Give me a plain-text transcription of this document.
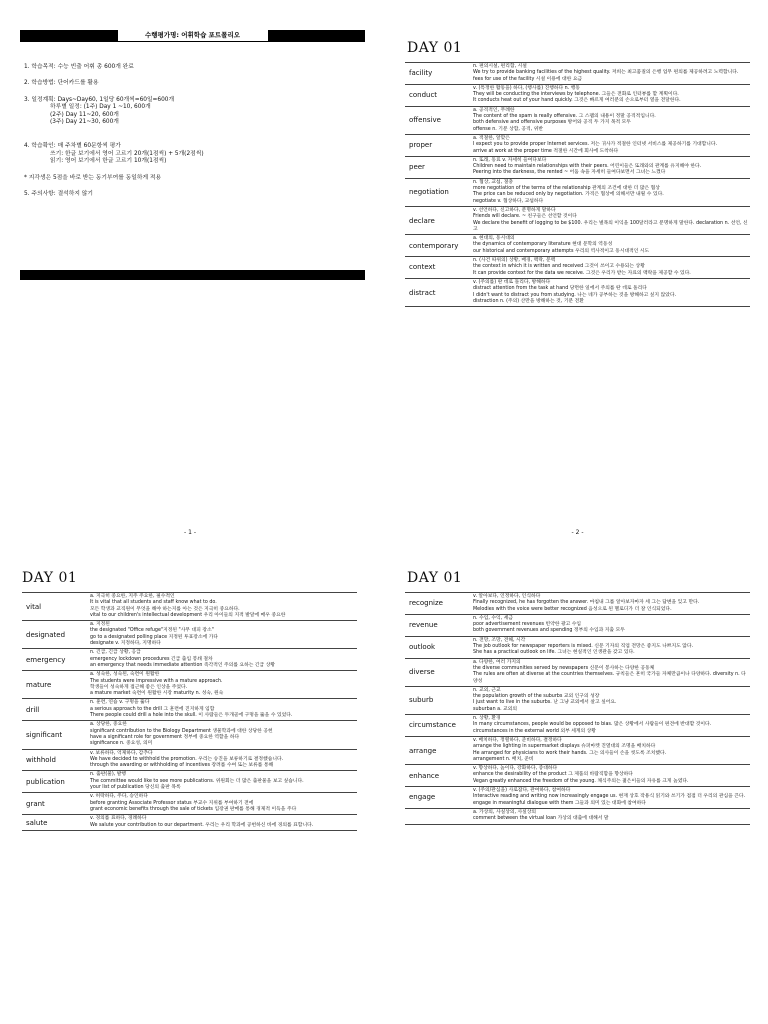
수행평가명: 어휘학습 포트폴리오
1. 학습목적: 수능 빈출 어휘 총 600개 완료
2. 학습방법: 단어카드를 활용
3. 일정계획: Days~Day60, 1일당 60개씩=60일=600개
하루별 일정: (1주) Day 1 ~10, 600개
(2주) Day 11~20, 600개
(3주) Day 21~30, 600개
4. 학습확인: 매 주차별 60문항씩 평가
쓰기: 한글 보기에서 영어 고르기 20개(1점씩) + 5개(2점씩)
읽기: 영어 보기에서 한글 고르기 10개(1점씩)
* 지각생은 5점을 바로 받는 동기부여를 동일하게 적용
5. 주의사항: 결석하지 않기
- 1 -
DAY 01
facility	n. 편의시설, 편리함, 시설
We try to provide banking facilities of the highest quality. 저희는 최고품질의 은행 업무 편의를 제공하려고 노력합니다.
fees for use of the facility 시설 이용에 대한 요금

conduct	v. (특정한 활동을) 하다, (행사를) 진행하다 n. 행동
They will be conducting the interviews by telephone. 그들은 전화로 인터뷰를 할 계획이다.
It conducts heat out of your hand quickly. 그것은 빠르게 여러분의 손으로부터 열을 전달한다.

offensive	a. 공격적인, 무례한
The content of the spam is really offensive. 그 스팸의 내용이 정말 공격적입니다.
both defensive and offensive purposes 방어와 공격 두 가지 목적 모두
offense n. 기분 상함, 공격, 위반

proper	a. 적절한, 알맞은
I expect you to provide proper Internet services. 저는 귀사가 적절한 인터넷 서비스를 제공하기를 기대합니다.
arrive at work at the proper time 적절한 시간에 회사에 도착하다

peer	n. 또래, 동료 v. 자세히 들여다보다
Children need to maintain relationships with their peers. 어린이들은 또래와의 관계를 유지해야 한다.
Peering into the darkness, the rented ~ 어둠 속을 자세히 들여다보면서 그녀는 느꼈다

negotiation	n. 협상, 교섭, 절충
more negotiation of the terms of the relationship 관계의 조건에 대한 더 많은 협상
The price can be reduced only by negotiation. 가격은 협상에 의해서만 내릴 수 있다.
negotiate v. 협상하다, 교섭하다

declare	v. 선언하다, 신고하다, 분명하게 말하다
Friends will declare. ~ 친구들은 선언할 것이다
We declare the benefit of logging to be $100. 우리는 벌목의 이익을 100달러라고 분명하게 말한다. declaration n. 선언, 신고

contemporary	a. 현대의, 동시대의
the dynamics of contemporary literature 현대 문학의 역동성
our historical and contemporary attempts 우리의 역사적이고 동시대적인 시도

context	n. (사건 따위의) 상황, 배경, 맥락, 문맥
the context in which it is written and received 그것이 쓰이고 수용되는 상황
It can provide context for the data we receive. 그것은 우리가 받는 자료의 맥락을 제공할 수 있다.

distract	v. (주의를) 딴 데로 돌리다, 방해하다
distract attention from the task at hand 당면한 일에서 주의를 딴 데로 돌리다
I didn't want to distract you from studying. 나는 네가 공부하는 것을 방해하고 싶지 않았다.
distraction n. (주의) 산만을 방해하는 것, 기분 전환
- 2 -
DAY 01
vital	a. 지극히 중요한, 지주 주요한, 필수적인
It is vital that all students and staff know what to do.
모든 학생과 교직원이 무엇을 해야 하는지를 아는 것은 지극히 중요하다.
vital to our children's intellectual development 우리 아이들의 지적 발달에 매우 중요한

designated	a. 지정된
the designated "Office refuge"지정된 "사무 대피 장소"
go to a designated polling place 지정된 투표장소에 가다
designate v. 지정하다, 지명하다

emergency	n. 긴급, 긴급 상황, 응급
emergency lockdown procedures 긴급 출입 봉쇄 절차
an emergency that needs immediate attention 즉각적인 주의를 요하는 긴급 상황

mature	a. 성숙한, 성숙된, 숙련이 원활한
The students were impressive with a mature approach.
학생들이 성숙하게 접근해 좋은 인상을 주었다.
a mature market 숙련이 원활한 시장 maturity n. 성숙, 원숙

drill	n. 훈련, 연습 v. 구멍을 뚫다
a serious approach to the drill 그 훈련에 진지하게 임함
There people could drill a hole into the skull. 이 사람들은 두개골에 구멍을 뚫을 수 있었다.

significant	a. 상당한, 중요한
significant contribution to the Biology Department 생물학과에 대한 상당한 공헌
have a significant role for government 정부에 중요한 역할을 하다
significance n. 중요성, 의미

withhold	v. 보류하다, 억제하다, 감추다
We have decided to withhold the promotion. 우리는 승진을 보류하기로 결정했습니다.
through the awarding or withholding of incentives 장려를 수여 또는 보류를 통해

publication	n. 출판(물), 발행
The committee would like to see more publications. 위원회는 더 많은 출판물을 보고 싶습니다.
your list of publication 당신의 출판 목록

grant	v. 허락하다, 주다, 승인하다
before granting Associate Professor status 부교수 지위를 부여하기 전에
grant economic benefits through the sale of tickets 입장권 판매를 통해 경제적 이득을 주다

salute	v. 경의를 표하다, 경례하다
We salute your contribution to our department. 우리는 우리 학과에 공헌하신 바에 경의를 표합니다.
DAY 01
recognize	v. 알아보다, 인정하다, 인식하다
Finally recognized, he has forgotten the answer. 마침내 그를 알아보자마자 세 그는 답변을 잊고 만다.
Melodies with the voice were better recognized 음성으로 된 멜로디가 더 잘 인식되었다.

revenue	n. 수입, 수익, 세금
poor advertisement revenues 빈약한 광고 수입
both government revenues and spending 정부의 수입과 지출 모두

outlook	n. 전망, 조망, 견해, 시각
The job outlook for newspaper reporters is mixed. 신문 기자의 직업 전망은 좋지도 나쁘지도 않다.
She has a practical outlook on life. 그녀는 현실적인 인생관을 갖고 있다.

diverse	a. 다양한, 여러 가지의
the diverse communities served by newspapers 신문이 봉사하는 다양한 공동체
The rules are often at diverse at the countries themselves. 규칙들은 흔히 국가들 자체만큼이나 다양하다. diversity n. 다양성

suburb	n. 교외, 근교
the population growth of the suburbs 교외 인구의 성장
I just want to live in the suburbs. 난 그냥 교외에서 살고 싶어요.
suburban a. 교외의

circumstance	n. 상황, 환경
In many circumstances, people would be opposed to bias. 많은 상황에서 사람들이 편견에 반대할 것이다.
circumstances in the external world 외부 세계의 상황

arrange	v. 배치하다, 정렬하다, 준비하다, 결정하다
arrange the lighting in supermarket displays 슈퍼마켓 진열대의 조명을 배치하다
He arranged for physicians to work their hands. 그는 의사들이 손을 씻도록 조치했다.
arrangement n. 배치, 준비

enhance	v. 향상하다, 높이다, 강화하다, 증대하다
enhance the desirability of the product 그 제품의 바람직함을 향상하다
Vegan greatly enhanced the freedom of the young. 채식주의는 젊은이들의 자유를 크게 높였다.

engage	v. (주의/관심을) 사로잡다, 관여하다, 참여하다
Interactive reading and writing now increasingly engage us. 현재 상호 작용식 읽기와 쓰기가 점점 더 우리의 관심을 끈다.
engage in meaningful dialogue with them 그들과 의미 있는 대화에 참여하다

	a. 가상의, 사실상의, 사실상의
comment between the virtual loan 가상의 대출에 대해서 말
